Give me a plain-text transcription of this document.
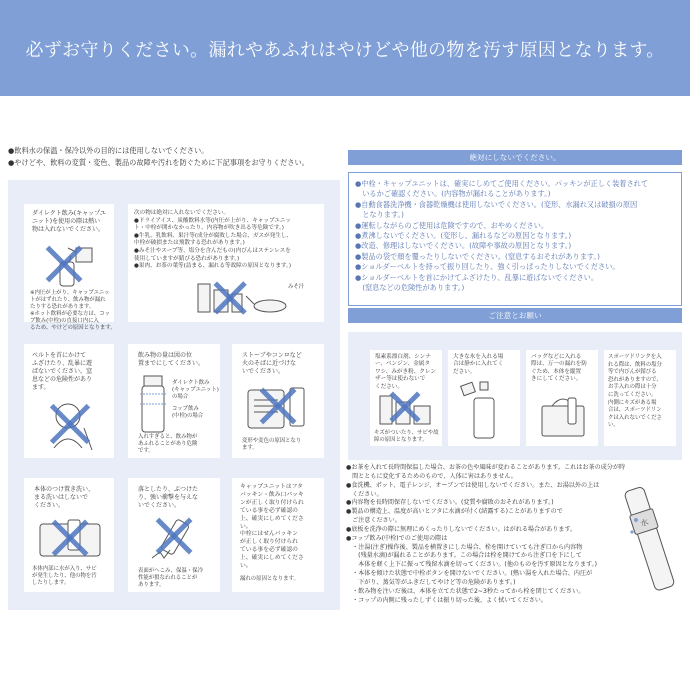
必ずお守りください。漏れやあふれはやけどや他の物を汚す原因となります。
●飲料水の保温・保冷以外の目的には使用しないでください。
●やけどや、飲料の変質・変色、製品の故障や汚れを防ぐために下記事項をお守りください。
ダイレクト飲み(キャップユ
ニット)を使用の際は熱い
物は入れないでください。
※内圧が上がり、キャップユニッ
トがはずれたり、飲み物が漏れ
たりする恐れがあります。
※ホット飲料が必要な方は、コッ
プ飲み(中栓)の直接口内に入
るため、やけどの原因となります。
次の物は絶対に入れないでください。
●ドライアイス、炭酸飲料水等(内圧が上がり、キャップユニッ
ト・中栓が開かなかったり、内容物が吹き出る等危険です。)
●牛乳、乳飲料、果汁等(成分が腐敗した場合、ガスが発生し、
中栓が破損または飛散する恐れがあります。)
●みそ汁やスープ等、塩分を含んだもの(内びんはステンレスを
使用していますが錆びる恐れがあります。)
●果肉、お茶の葉等(詰まる、漏れる等故障の原因となります。)
みそ汁
ベルトを首にかけて
ふざけたり、乱暴に遊
ばないでください。窒
息などの危険性があり
ます。
飲み物の量は図の位
置までにしてください。
ダイレクト飲み
(キャップユニット)
の場合
コップ飲み
(中栓)の場合
入れすぎると、飲み物が
あふれることがあり危険
です。
ストーブやコンロなど
火のそばに近づけな
いでください。
変形や変色の原因となり
ます。
本体のつけ置き洗い、
まる洗いはしないで
ください。
本体内部に水が入り、サビ
が発生したり、他の物を汚
したりします。
落としたり、ぶつけた
り、強い衝撃を与えな
いでください。
表面がへこみ、保温・保冷
性能が損なわれることが
あります。
キャップユニットはフタ
パッキン・飲み口パッキ
ンが正しく取り付けられ
ている事を必ず確認の
上、確実にしめてくださ
い。
中栓にはせんパッキン
が正しく取り付けられ
ている事を必ず確認の
上、確実にしめてくださ
い。
漏れの原因となります。
絶対にしないでください。
●中栓・キャップユニットは、確実にしめてご使用ください。パッキンが正しく装着されて
　いるかご確認ください。(内容物が漏れることがあります。)
●自動食器洗浄機・食器乾燥機は使用しないでください。(変形、水漏れ又は破損の原因
　となります。)
●運転しながらのご使用は危険ですので、おやめください。
●煮沸しないでください。(変形し、漏れるなどの原因となります。)
●改造、修理はしないでください。(故障や事故の原因となります。)
●製品の袋で顔を覆ったりしないでください。(窒息するおそれがあります。)
●ショルダーベルトを持って振り回したり、強く引っぱったりしないでください。
●ショルダーベルトを首にかけてふざけたり、乱暴に遊ばないでください。
　(窒息などの危険性があります。)
ご注意とお願い
塩素系漂白剤、シンナ
ー、ベンジン、金属タ
ワシ、みがき粉、クレン
ザー等は使わないで
ください。
キズがついたり、サビや故
障の原因となります。
大きな氷を入れる場
合は静かに入れてく
ださい。
バッグなどに入れる
際は、万一の漏れを防
ぐため、本体を縦置
きにしてください。
スポーツドリンクを入
れる際は、飲料の塩分
等で内びんが錆びる
恐れがありますので、
お手入れの際は十分
に洗ってください。
内側にキズがある場
合は、スポーツドリン
クは入れないでくださ
い。
●お茶を入れて長時間保温した場合、お茶の色や風味が変わることがあります。これはお茶の成分が時
　間とともに変化するためのもので、人体に害はありません。
●食洗機、ポット、電子レンジ、オーブンでは使用しないでください。また、お湯以外の上は
　ください。
●内容物を長時間保存しないでください。(変質や腐敗のおそれがあります。)
●製品の構造上、温度が高いとフタに水滴が付く(結露する)ことがありますので
　ご注意ください。
●底板を洗浄の際に無理にめくったりしないでください。はがれる場合があります。
●コップ飲み(中栓)でのご使用の際は
　・注湯(注ぎ)操作後、製品を横置きにした場合、栓を開けていても注ぎ口から内容物
　　(残量水滴)が漏れることがあります。この場合は栓を開けてから注ぎ口を下にして
　　本体を軽く上下に振って残留水滴を切ってください。(他のものを汚す原因となります。)
　・本体を傾けた状態で中栓ボタンを開けないでください。(熱い湯を入れた場合、内圧が
　　下がり、蒸気等がふきだしてやけど等の危険があります。)
　・飲み物を注いだ後は、本体を立てた状態で2~3秒たってから栓を閉じてください。
　・コップの内側に残ったしずくは振り切った後、よく拭いてください。
水
